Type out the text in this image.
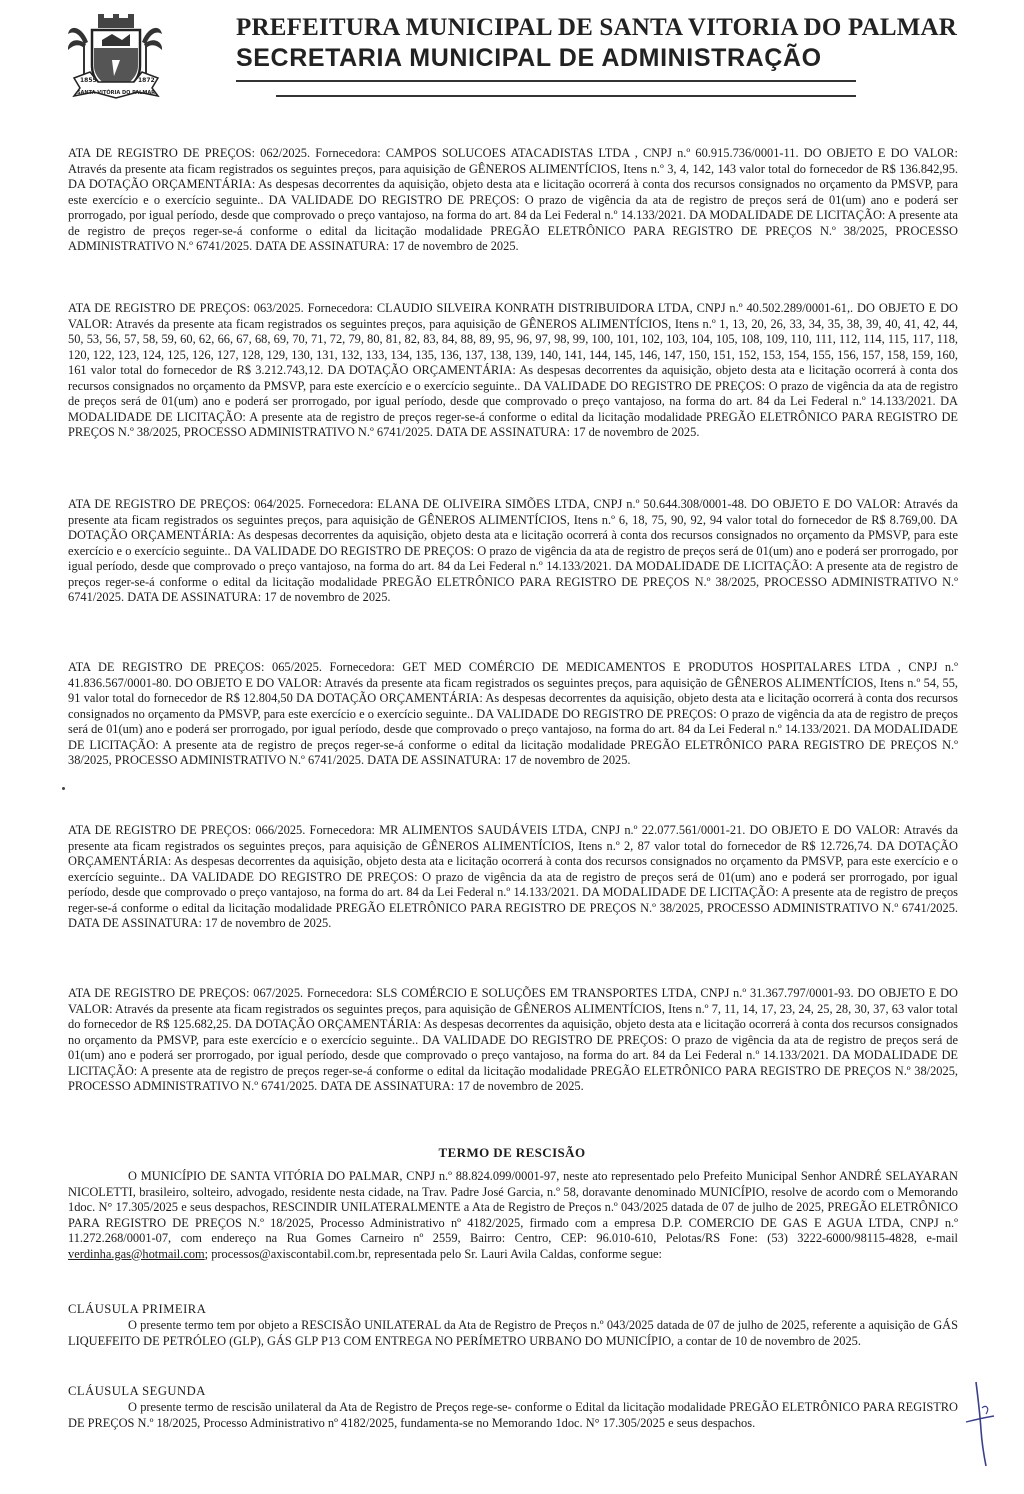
1855	1872
SANTA VITÓRIA DO PALMAR
PREFEITURA MUNICIPAL DE SANTA VITORIA DO PALMAR
SECRETARIA MUNICIPAL DE ADMINISTRAÇÃO

ATA DE REGISTRO DE PREÇOS: 062/2025. Fornecedora: CAMPOS SOLUCOES ATACADISTAS LTDA , CNPJ n.º 60.915.736/0001-11. DO OBJETO E DO VALOR: Através da presente ata ficam registrados os seguintes preços, para aquisição de GÊNEROS ALIMENTÍCIOS, Itens n.º 3, 4, 142, 143 valor total do fornecedor de R$ 136.842,95. DA DOTAÇÃO ORÇAMENTÁRIA: As despesas decorrentes da aquisição, objeto desta ata e licitação ocorrerá à conta dos recursos consignados no orçamento da PMSVP, para este exercício e o exercício seguinte.. DA VALIDADE DO REGISTRO DE PREÇOS: O prazo de vigência da ata de registro de preços será de 01(um) ano e poderá ser prorrogado, por igual período, desde que comprovado o preço vantajoso, na forma do art. 84 da Lei Federal n.º 14.133/2021. DA MODALIDADE DE LICITAÇÃO: A presente ata de registro de preços reger-se-á conforme o edital da licitação modalidade PREGÃO ELETRÔNICO PARA REGISTRO DE PREÇOS N.º 38/2025, PROCESSO ADMINISTRATIVO N.º 6741/2025. DATA DE ASSINATURA: 17 de novembro de 2025.

ATA DE REGISTRO DE PREÇOS: 063/2025. Fornecedora: CLAUDIO SILVEIRA KONRATH DISTRIBUIDORA LTDA, CNPJ n.º 40.502.289/0001-61,. DO OBJETO E DO VALOR: Através da presente ata ficam registrados os seguintes preços, para aquisição de GÊNEROS ALIMENTÍCIOS, Itens n.º 1, 13, 20, 26, 33, 34, 35, 38, 39, 40, 41, 42, 44, 50, 53, 56, 57, 58, 59, 60, 62, 66, 67, 68, 69, 70, 71, 72, 79, 80, 81, 82, 83, 84, 88, 89, 95, 96, 97, 98, 99, 100, 101, 102, 103, 104, 105, 108, 109, 110, 111, 112, 114, 115, 117, 118, 120, 122, 123, 124, 125, 126, 127, 128, 129, 130, 131, 132, 133, 134, 135, 136, 137, 138, 139, 140, 141, 144, 145, 146, 147, 150, 151, 152, 153, 154, 155, 156, 157, 158, 159, 160, 161 valor total do fornecedor de R$ 3.212.743,12. DA DOTAÇÃO ORÇAMENTÁRIA: As despesas decorrentes da aquisição, objeto desta ata e licitação ocorrerá à conta dos recursos consignados no orçamento da PMSVP, para este exercício e o exercício seguinte.. DA VALIDADE DO REGISTRO DE PREÇOS: O prazo de vigência da ata de registro de preços será de 01(um) ano e poderá ser prorrogado, por igual período, desde que comprovado o preço vantajoso, na forma do art. 84 da Lei Federal n.º 14.133/2021. DA MODALIDADE DE LICITAÇÃO: A presente ata de registro de preços reger-se-á conforme o edital da licitação modalidade PREGÃO ELETRÔNICO PARA REGISTRO DE PREÇOS N.º 38/2025, PROCESSO ADMINISTRATIVO N.º 6741/2025. DATA DE ASSINATURA: 17 de novembro de 2025.

ATA DE REGISTRO DE PREÇOS: 064/2025. Fornecedora: ELANA DE OLIVEIRA SIMÕES LTDA, CNPJ n.º 50.644.308/0001-48. DO OBJETO E DO VALOR: Através da presente ata ficam registrados os seguintes preços, para aquisição de GÊNEROS ALIMENTÍCIOS, Itens n.º 6, 18, 75, 90, 92, 94 valor total do fornecedor de R$ 8.769,00. DA DOTAÇÃO ORÇAMENTÁRIA: As despesas decorrentes da aquisição, objeto desta ata e licitação ocorrerá à conta dos recursos consignados no orçamento da PMSVP, para este exercício e o exercício seguinte.. DA VALIDADE DO REGISTRO DE PREÇOS: O prazo de vigência da ata de registro de preços será de 01(um) ano e poderá ser prorrogado, por igual período, desde que comprovado o preço vantajoso, na forma do art. 84 da Lei Federal n.º 14.133/2021. DA MODALIDADE DE LICITAÇÃO: A presente ata de registro de preços reger-se-á conforme o edital da licitação modalidade PREGÃO ELETRÔNICO PARA REGISTRO DE PREÇOS N.º 38/2025, PROCESSO ADMINISTRATIVO N.º 6741/2025. DATA DE ASSINATURA: 17 de novembro de 2025.

ATA DE REGISTRO DE PREÇOS: 065/2025. Fornecedora: GET MED COMÉRCIO DE MEDICAMENTOS E PRODUTOS HOSPITALARES LTDA , CNPJ n.º 41.836.567/0001-80. DO OBJETO E DO VALOR: Através da presente ata ficam registrados os seguintes preços, para aquisição de GÊNEROS ALIMENTÍCIOS, Itens n.º 54, 55, 91 valor total do fornecedor de R$ 12.804,50 DA DOTAÇÃO ORÇAMENTÁRIA: As despesas decorrentes da aquisição, objeto desta ata e licitação ocorrerá à conta dos recursos consignados no orçamento da PMSVP, para este exercício e o exercício seguinte.. DA VALIDADE DO REGISTRO DE PREÇOS: O prazo de vigência da ata de registro de preços será de 01(um) ano e poderá ser prorrogado, por igual período, desde que comprovado o preço vantajoso, na forma do art. 84 da Lei Federal n.º 14.133/2021. DA MODALIDADE DE LICITAÇÃO: A presente ata de registro de preços reger-se-á conforme o edital da licitação modalidade PREGÃO ELETRÔNICO PARA REGISTRO DE PREÇOS N.º 38/2025, PROCESSO ADMINISTRATIVO N.º 6741/2025. DATA DE ASSINATURA: 17 de novembro de 2025.

ATA DE REGISTRO DE PREÇOS: 066/2025. Fornecedora: MR ALIMENTOS SAUDÁVEIS LTDA, CNPJ n.º 22.077.561/0001-21. DO OBJETO E DO VALOR: Através da presente ata ficam registrados os seguintes preços, para aquisição de GÊNEROS ALIMENTÍCIOS, Itens n.º 2, 87 valor total do fornecedor de R$ 12.726,74. DA DOTAÇÃO ORÇAMENTÁRIA: As despesas decorrentes da aquisição, objeto desta ata e licitação ocorrerá à conta dos recursos consignados no orçamento da PMSVP, para este exercício e o exercício seguinte.. DA VALIDADE DO REGISTRO DE PREÇOS: O prazo de vigência da ata de registro de preços será de 01(um) ano e poderá ser prorrogado, por igual período, desde que comprovado o preço vantajoso, na forma do art. 84 da Lei Federal n.º 14.133/2021. DA MODALIDADE DE LICITAÇÃO: A presente ata de registro de preços reger-se-á conforme o edital da licitação modalidade PREGÃO ELETRÔNICO PARA REGISTRO DE PREÇOS N.º 38/2025, PROCESSO ADMINISTRATIVO N.º 6741/2025. DATA DE ASSINATURA: 17 de novembro de 2025.

ATA DE REGISTRO DE PREÇOS: 067/2025. Fornecedora: SLS COMÉRCIO E SOLUÇÕES EM TRANSPORTES LTDA, CNPJ n.º 31.367.797/0001-93. DO OBJETO E DO VALOR: Através da presente ata ficam registrados os seguintes preços, para aquisição de GÊNEROS ALIMENTÍCIOS, Itens n.º 7, 11, 14, 17, 23, 24, 25, 28, 30, 37, 63 valor total do fornecedor de R$ 125.682,25. DA DOTAÇÃO ORÇAMENTÁRIA: As despesas decorrentes da aquisição, objeto desta ata e licitação ocorrerá à conta dos recursos consignados no orçamento da PMSVP, para este exercício e o exercício seguinte.. DA VALIDADE DO REGISTRO DE PREÇOS: O prazo de vigência da ata de registro de preços será de 01(um) ano e poderá ser prorrogado, por igual período, desde que comprovado o preço vantajoso, na forma do art. 84 da Lei Federal n.º 14.133/2021. DA MODALIDADE DE LICITAÇÃO: A presente ata de registro de preços reger-se-á conforme o edital da licitação modalidade PREGÃO ELETRÔNICO PARA REGISTRO DE PREÇOS N.º 38/2025, PROCESSO ADMINISTRATIVO N.º 6741/2025. DATA DE ASSINATURA: 17 de novembro de 2025.

TERMO DE RESCISÃO

O MUNICÍPIO DE SANTA VITÓRIA DO PALMAR, CNPJ n.º 88.824.099/0001-97, neste ato representado pelo Prefeito Municipal Senhor ANDRÉ SELAYARAN NICOLETTI, brasileiro, solteiro, advogado, residente nesta cidade, na Trav. Padre José Garcia, n.º 58, doravante denominado MUNICÍPIO, resolve de acordo com o Memorando 1doc. N° 17.305/2025 e seus despachos, RESCINDIR UNILATERALMENTE a Ata de Registro de Preços n.º 043/2025 datada de 07 de julho de 2025, PREGÃO ELETRÔNICO PARA REGISTRO DE PREÇOS N.º 18/2025, Processo Administrativo nº 4182/2025, firmado com a empresa D.P. COMERCIO DE GAS E AGUA LTDA, CNPJ n.º 11.272.268/0001-07, com endereço na Rua Gomes Carneiro nº 2559, Bairro: Centro, CEP: 96.010-610, Pelotas/RS Fone: (53) 3222-6000/98115-4828, e-mail verdinha.gas@hotmail.com; processos@axiscontabil.com.br, representada pelo Sr. Lauri Avila Caldas, conforme segue:

CLÁUSULA PRIMEIRA

O presente termo tem por objeto a RESCISÃO UNILATERAL da Ata de Registro de Preços n.º 043/2025 datada de 07 de julho de 2025, referente a aquisição de GÁS LIQUEFEITO DE PETRÓLEO (GLP), GÁS GLP P13 COM ENTREGA NO PERÍMETRO URBANO DO MUNICÍPIO, a contar de 10 de novembro de 2025.

CLÁUSULA SEGUNDA

O presente termo de rescisão unilateral da Ata de Registro de Preços rege-se- conforme o Edital da licitação modalidade PREGÃO ELETRÔNICO PARA REGISTRO DE PREÇOS N.º 18/2025, Processo Administrativo nº 4182/2025, fundamenta-se no Memorando 1doc. N° 17.305/2025 e seus despachos.
